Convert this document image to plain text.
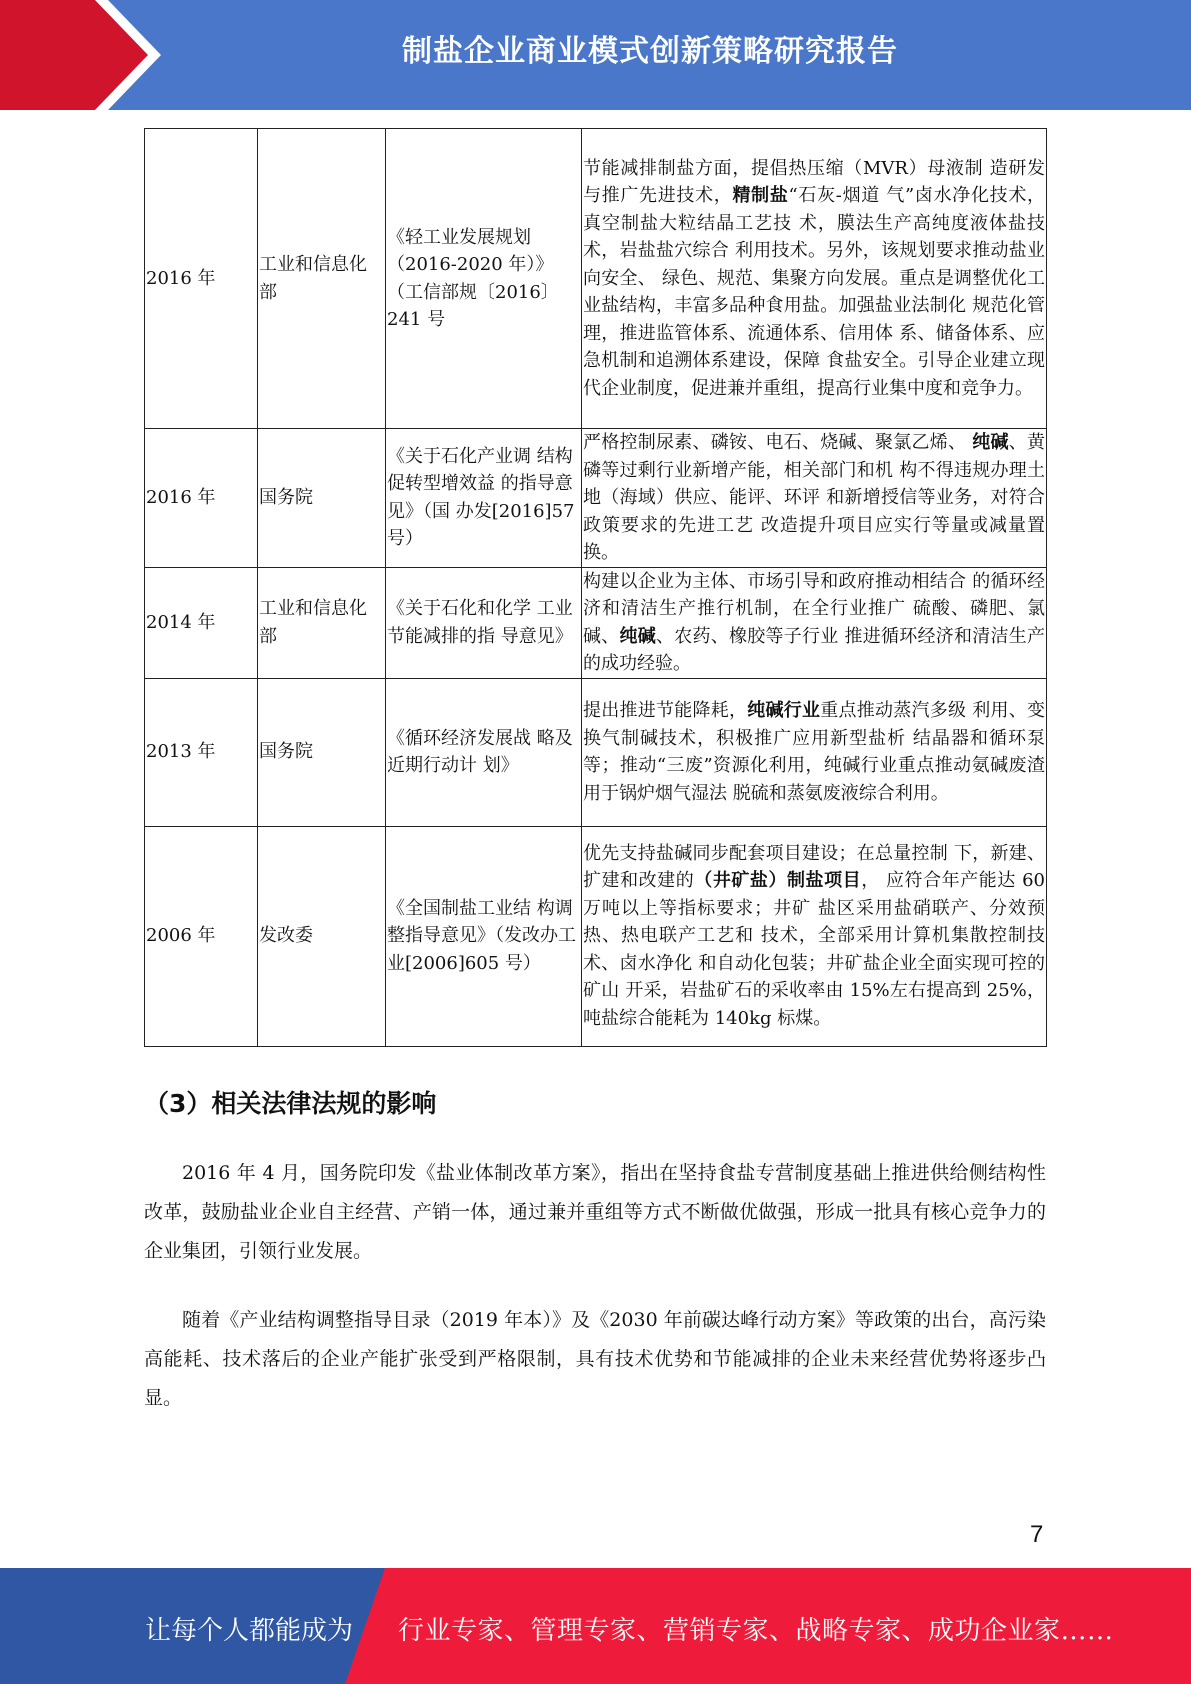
制盐企业商业模式创新策略研究报告
2016 年	工业和信息化部	《轻工业发展规划（2016-2020 年）》（工信部规〔2016〕241 号	节能减排制盐方面，提倡热压缩（MVR）母液制 造研发与推广先进技术，精制盐“石灰-烟道 气”卤水净化技术，真空制盐大粒结晶工艺技 术，膜法生产高纯度液体盐技术，岩盐盐穴综合 利用技术。另外，该规划要求推动盐业向安全、 绿色、规范、集聚方向发展。重点是调整优化工 业盐结构，丰富多品种食用盐。加强盐业法制化 规范化管理，推进监管体系、流通体系、信用体 系、储备体系、应急机制和追溯体系建设，保障 食盐安全。引导企业建立现代企业制度，促进兼并重组，提高行业集中度和竞争力。
2016 年	国务院	《关于石化产业调 结构促转型增效益 的指导意见》（国 办发[2016]57 号）	严格控制尿素、磷铵、电石、烧碱、聚氯乙烯、 纯碱、黄磷等过剩行业新增产能，相关部门和机 构不得违规办理土地（海域）供应、能评、环评 和新增授信等业务，对符合政策要求的先进工艺 改造提升项目应实行等量或减量置换。
2014 年	工业和信息化部	《关于石化和化学 工业节能减排的指 导意见》	构建以企业为主体、市场引导和政府推动相结合 的循环经济和清洁生产推行机制，在全行业推广 硫酸、磷肥、氯碱、纯碱、农药、橡胶等子行业 推进循环经济和清洁生产的成功经验。
2013 年	国务院	《循环经济发展战 略及近期行动计 划》	提出推进节能降耗，纯碱行业重点推动蒸汽多级 利用、变换气制碱技术，积极推广应用新型盐析 结晶器和循环泵等；推动“三废”资源化利用，纯碱行业重点推动氨碱废渣用于锅炉烟气湿法 脱硫和蒸氨废液综合利用。
2006 年	发改委	《全国制盐工业结 构调整指导意见》（发改办工业[2006]605 号）	优先支持盐碱同步配套项目建设；在总量控制 下，新建、扩建和改建的（井矿盐）制盐项目， 应符合年产能达 60 万吨以上等指标要求；井矿 盐区采用盐硝联产、分效预热、热电联产工艺和 技术，全部采用计算机集散控制技术、卤水净化 和自动化包装；井矿盐企业全面实现可控的矿山 开采，岩盐矿石的采收率由 15%左右提高到 25%，吨盐综合能耗为 140kg 标煤。
（3）相关法律法规的影响
2016 年 4 月，国务院印发《盐业体制改革方案》，指出在坚持食盐专营制度基础上推进供给侧结构性改革，鼓励盐业企业自主经营、产销一体，通过兼并重组等方式不断做优做强，形成一批具有核心竞争力的企业集团，引领行业发展。
随着《产业结构调整指导目录（2019 年本）》及《2030 年前碳达峰行动方案》等政策的出台，高污染高能耗、技术落后的企业产能扩张受到严格限制，具有技术优势和节能减排的企业未来经营优势将逐步凸显。
7
让每个人都能成为 行业专家、管理专家、营销专家、战略专家、成功企业家……
